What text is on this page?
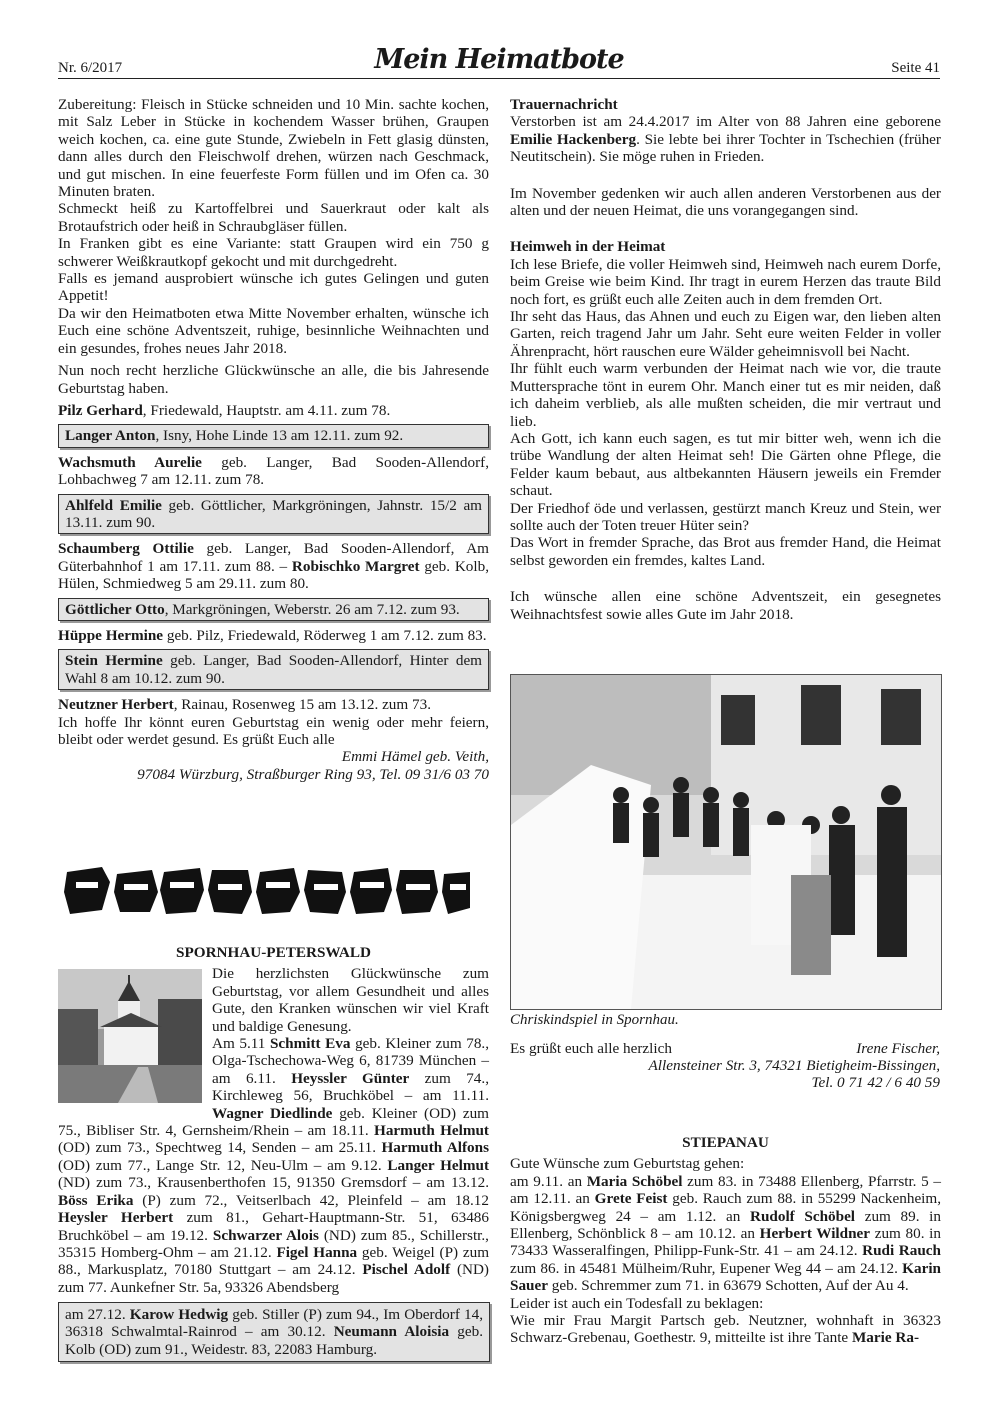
Nr. 6/2017	Mein Heimatbote	Seite 41

Zubereitung: Fleisch in Stücke schneiden und 10 Min. sachte kochen, mit Salz Leber in Stücke in kochendem Wasser brühen, Graupen weich kochen, ca. eine gute Stunde, Zwiebeln in Fett glasig dünsten, dann alles durch den Fleischwolf drehen, würzen nach Geschmack, und gut mischen. In eine feuerfeste Form füllen und im Ofen ca. 30 Minuten braten.

Schmeckt heiß zu Kartoffelbrei und Sauerkraut oder kalt als Brotaufstrich oder heiß in Schraubgläser füllen.

In Franken gibt es eine Variante: statt Graupen wird ein 750 g schwerer Weißkrautkopf gekocht und mit durchgedreht.

Falls es jemand ausprobiert wünsche ich gutes Gelingen und guten Appetit!

Da wir den Heimatboten etwa Mitte November erhalten, wünsche ich Euch eine schöne Adventszeit, ruhige, besinnliche Weihnachten und ein gesundes, frohes neues Jahr 2018.

Nun noch recht herzliche Glückwünsche an alle, die bis Jahresende Geburtstag haben.

Pilz Gerhard, Friedewald, Hauptstr. am 4.11. zum 78.

Langer Anton, Isny, Hohe Linde 13 am 12.11. zum 92.

Wachsmuth Aurelie geb. Langer, Bad Sooden-Allendorf, Lohbachweg 7 am 12.11. zum 78.

Ahlfeld Emilie geb. Göttlicher, Markgröningen, Jahnstr. 15/2 am 13.11. zum 90.

Schaumberg Ottilie geb. Langer, Bad Sooden-Allendorf, Am Güterbahnhof 1 am 17.11. zum 88. – Robischko Margret geb. Kolb, Hülen, Schmiedweg 5 am 29.11. zum 80.

Göttlicher Otto, Markgröningen, Weberstr. 26 am 7.12. zum 93.

Hüppe Hermine geb. Pilz, Friedewald, Röderweg 1 am 7.12. zum 83.

Stein Hermine geb. Langer, Bad Sooden-Allendorf, Hinter dem Wahl 8 am 10.12. zum 90.

Neutzner Herbert, Rainau, Rosenweg 15 am 13.12. zum 73.

Ich hoffe Ihr könnt euren Geburtstag ein wenig oder mehr feiern, bleibt oder werdet gesund. Es grüßt Euch alle

Emmi Hämel geb. Veith,
97084 Würzburg, Straßburger Ring 93, Tel. 09 31/6 03 70
SPORNHAU-PETERSWALD
Die herzlichsten Glückwünsche zum Geburtstag, vor allem Gesundheit und alles Gute, den Kranken wünschen wir viel Kraft und baldige Genesung.
Am 5.11 Schmitt Eva geb. Kleiner zum 78., Olga-Tschechowa-Weg 6, 81739 München – am 6.11. Heyssler Günter zum 74., Kirchleweg 56, Bruchköbel – am 11.11. Wagner Diedlinde geb. Kleiner (OD) zum 75., Bibliser Str. 4, Gernsheim/Rhein – am 18.11. Harmuth Helmut (OD) zum 73., Spechtweg 14, Senden – am 25.11. Harmuth Alfons (OD) zum 77., Lange Str. 12, Neu-Ulm – am 9.12. Langer Helmut (ND) zum 73., Krausenberthofen 15, 91350 Gremsdorf – am 13.12. Böss Erika (P) zum 72., Veitserlbach 42, Pleinfeld – am 18.12 Heysler Herbert zum 81., Gehart-Hauptmann-Str. 51, 63486 Bruchköbel – am 19.12. Schwarzer Alois (ND) zum 85., Schillerstr., 35315 Homberg-Ohm – am 21.12. Figel Hanna geb. Weigel (P) zum 88., Markusplatz, 70180 Stuttgart – am 24.12. Pischel Adolf (ND) zum 77. Aunkefner Str. 5a, 93326 Abendsberg
am 27.12. Karow Hedwig geb. Stiller (P) zum 94., Im Oberdorf 14, 36318 Schwalmtal-Rainrod – am 30.12. Neumann Aloisia geb. Kolb (OD) zum 91., Weidestr. 83, 22083 Hamburg.
Trauernachricht

Verstorben ist am 24.4.2017 im Alter von 88 Jahren eine geborene Emilie Hackenberg. Sie lebte bei ihrer Tochter in Tschechien (früher Neutitschein). Sie möge ruhen in Frieden.

Im November gedenken wir auch allen anderen Verstorbenen aus der alten und der neuen Heimat, die uns vorangegangen sind.

Heimweh in der Heimat

Ich lese Briefe, die voller Heimweh sind, Heimweh nach eurem Dorfe, beim Greise wie beim Kind. Ihr tragt in eurem Herzen das traute Bild noch fort, es grüßt euch alle Zeiten auch in dem fremden Ort.

Ihr seht das Haus, das Ahnen und euch zu Eigen war, den lieben alten Garten, reich tragend Jahr um Jahr. Seht eure weiten Felder in voller Ährenpracht, hört rauschen eure Wälder geheimnisvoll bei Nacht.

Ihr fühlt euch warm verbunden der Heimat nach wie vor, die traute Muttersprache tönt in eurem Ohr. Manch einer tut es mir neiden, daß ich daheim verblieb, als alle mußten scheiden, die mir vertraut und lieb.

Ach Gott, ich kann euch sagen, es tut mir bitter weh, wenn ich die trübe Wandlung der alten Heimat seh! Die Gärten ohne Pflege, die Felder kaum bebaut, aus altbekannten Häusern jeweils ein Fremder schaut.

Der Friedhof öde und verlassen, gestürzt manch Kreuz und Stein, wer sollte auch der Toten treuer Hüter sein?

Das Wort in fremder Sprache, das Brot aus fremder Hand, die Heimat selbst geworden ein fremdes, kaltes Land.

Ich wünsche allen eine schöne Adventszeit, ein gesegnetes Weihnachtsfest sowie alles Gute im Jahr 2018.

Chriskindspiel in Spornhau.
Es grüßt euch alle herzlich	Irene Fischer,
Allensteiner Str. 3, 74321 Bietigheim-Bissingen,
Tel. 0 71 42 / 6 40 59
STIEPANAU
Gute Wünsche zum Geburtstag gehen:
am 9.11. an Maria Schöbel zum 83. in 73488 Ellenberg, Pfarrstr. 5 – am 12.11. an Grete Feist geb. Rauch zum 88. in 55299 Nackenheim, Königsbergweg 24 – am 1.12. an Rudolf Schöbel zum 89. in Ellenberg, Schönblick 8 – am 10.12. an Herbert Wildner zum 80. in 73433 Wasseralfingen, Philipp-Funk-Str. 41 – am 24.12. Rudi Rauch zum 86. in 45481 Mülheim/Ruhr, Eupener Weg 44 – am 24.12. Karin Sauer geb. Schremmer zum 71. in 63679 Schotten, Auf der Au 4.
Leider ist auch ein Todesfall zu beklagen:
Wie mir Frau Margit Partsch geb. Neutzner, wohnhaft in 36323 Schwarz-Grebenau, Goethestr. 9, mitteilte ist ihre Tante Marie Ra-
